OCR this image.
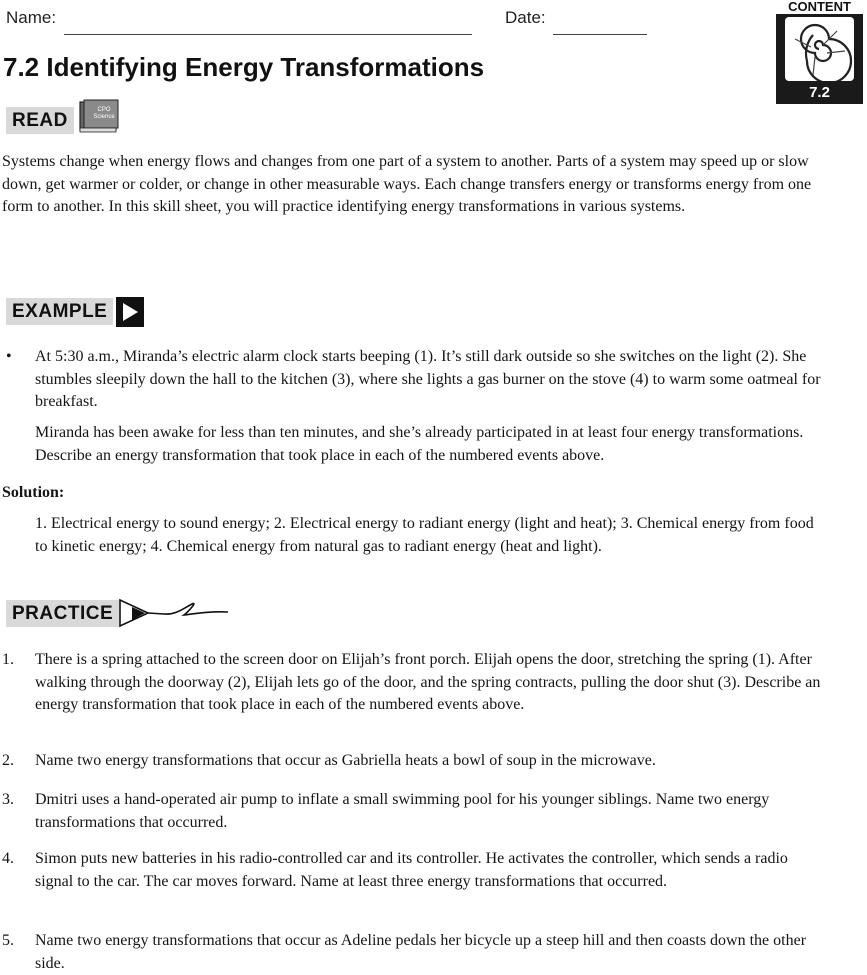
Name:	Date:
CONTENT
7.2
7.2 Identifying Energy Transformations
READ	CPO Science
Systems change when energy flows and changes from one part of a system to another. Parts of a system may speed up or slow down, get warmer or colder, or change in other measurable ways. Each change transfers energy or transforms energy from one form to another. In this skill sheet, you will practice identifying energy transformations in various systems.
EXAMPLE
• At 5:30 a.m., Miranda’s electric alarm clock starts beeping (1). It’s still dark outside so she switches on the light (2). She stumbles sleepily down the hall to the kitchen (3), where she lights a gas burner on the stove (4) to warm some oatmeal for breakfast.
Miranda has been awake for less than ten minutes, and she’s already participated in at least four energy transformations. Describe an energy transformation that took place in each of the numbered events above.
Solution:
1. Electrical energy to sound energy; 2. Electrical energy to radiant energy (light and heat); 3. Chemical energy from food to kinetic energy; 4. Chemical energy from natural gas to radiant energy (heat and light).
PRACTICE
1. There is a spring attached to the screen door on Elijah’s front porch. Elijah opens the door, stretching the spring (1). After walking through the doorway (2), Elijah lets go of the door, and the spring contracts, pulling the door shut (3). Describe an energy transformation that took place in each of the numbered events above.
2. Name two energy transformations that occur as Gabriella heats a bowl of soup in the microwave.
3. Dmitri uses a hand-operated air pump to inflate a small swimming pool for his younger siblings. Name two energy transformations that occurred.
4. Simon puts new batteries in his radio-controlled car and its controller. He activates the controller, which sends a radio signal to the car. The car moves forward. Name at least three energy transformations that occurred.
5. Name two energy transformations that occur as Adeline pedals her bicycle up a steep hill and then coasts down the other side.
